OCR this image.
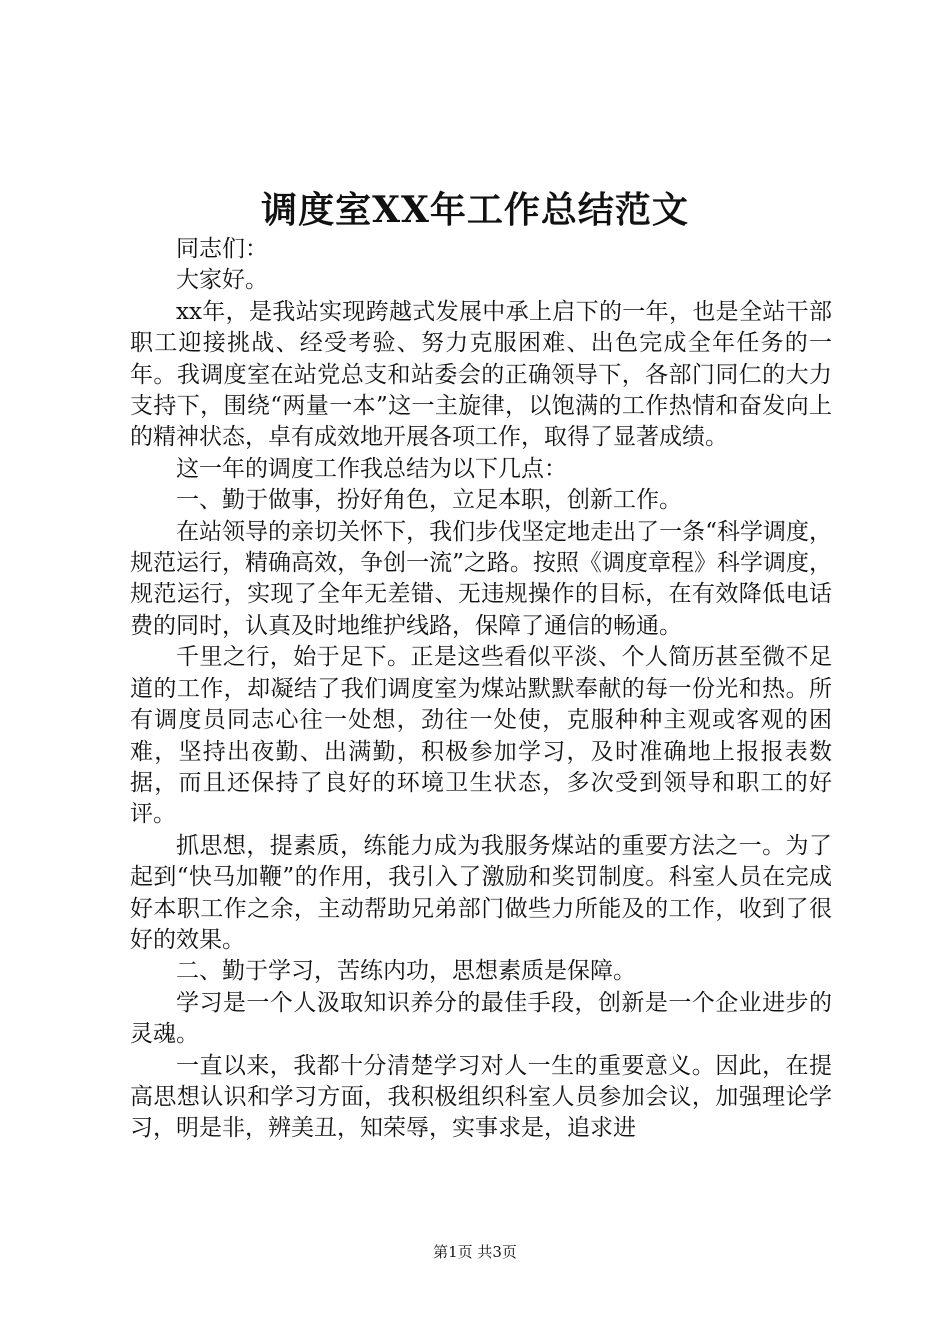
调度室XX年工作总结范文

同志们：

大家好。

xx年，是我站实现跨越式发展中承上启下的一年，也是全站干部职工迎接挑战、经受考验、努力克服困难、出色完成全年任务的一年。我调度室在站党总支和站委会的正确领导下，各部门同仁的大力支持下，围绕“两量一本”这一主旋律，以饱满的工作热情和奋发向上的精神状态，卓有成效地开展各项工作，取得了显著成绩。

这一年的调度工作我总结为以下几点：

一、勤于做事，扮好角色，立足本职，创新工作。

在站领导的亲切关怀下，我们步伐坚定地走出了一条“科学调度，规范运行，精确高效，争创一流”之路。按照《调度章程》科学调度，规范运行，实现了全年无差错、无违规操作的目标，在有效降低电话费的同时，认真及时地维护线路，保障了通信的畅通。

千里之行，始于足下。正是这些看似平淡、个人简历甚至微不足道的工作，却凝结了我们调度室为煤站默默奉献的每一份光和热。所有调度员同志心往一处想，劲往一处使，克服种种主观或客观的困难，坚持出夜勤、出满勤，积极参加学习，及时准确地上报报表数据，而且还保持了良好的环境卫生状态，多次受到领导和职工的好评。

抓思想，提素质，练能力成为我服务煤站的重要方法之一。为了起到“快马加鞭”的作用，我引入了激励和奖罚制度。科室人员在完成好本职工作之余，主动帮助兄弟部门做些力所能及的工作，收到了很好的效果。

二、勤于学习，苦练内功，思想素质是保障。

学习是一个人汲取知识养分的最佳手段，创新是一个企业进步的灵魂。

一直以来，我都十分清楚学习对人一生的重要意义。因此，在提高思想认识和学习方面，我积极组织科室人员参加会议，加强理论学习，明是非，辨美丑，知荣辱，实事求是，追求进

第1页 共3页
